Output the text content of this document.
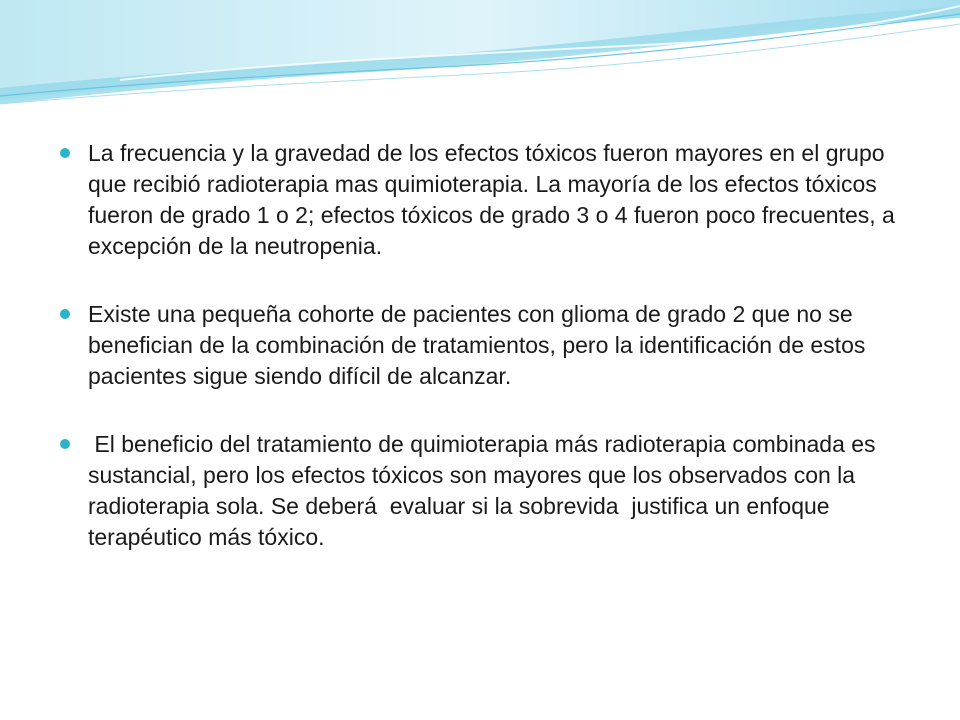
La frecuencia y la gravedad de los efectos tóxicos fueron mayores en el grupo que recibió radioterapia mas quimioterapia. La mayoría de los efectos tóxicos fueron de grado 1 o 2; efectos tóxicos de grado 3 o 4 fueron poco frecuentes, a excepción de la neutropenia.
Existe una pequeña cohorte de pacientes con glioma de grado 2 que no se benefician de la combinación de tratamientos, pero la identificación de estos pacientes sigue siendo difícil de alcanzar.
El beneficio del tratamiento de quimioterapia más radioterapia combinada es sustancial, pero los efectos tóxicos son mayores que los observados con la radioterapia sola. Se deberá  evaluar si la sobrevida  justifica un enfoque terapéutico más tóxico.
